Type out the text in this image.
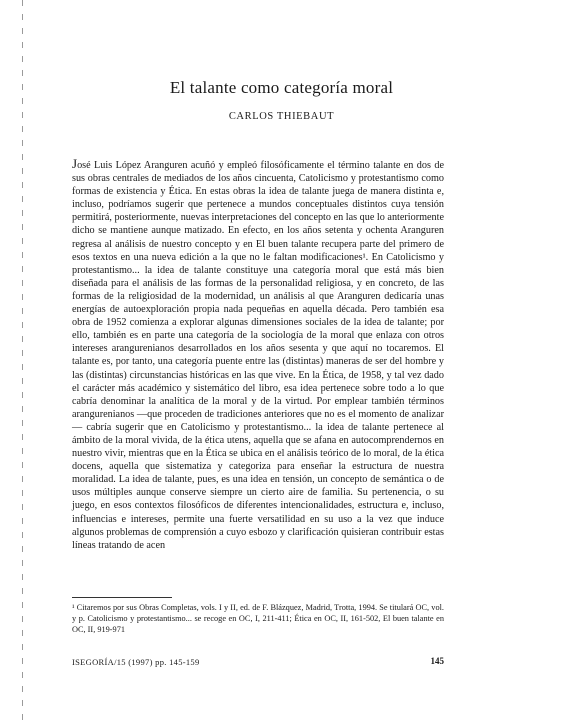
El talante como categoría moral
CARLOS THIEBAUT
José Luis López Aranguren acuñó y empleó filosóficamente el término talante en dos de sus obras centrales de mediados de los años cincuenta, Catolicismo y protestantismo como formas de existencia y Ética. En estas obras la idea de talante juega de manera distinta e, incluso, podríamos sugerir que pertenece a mundos conceptuales distintos cuya tensión permitirá, posteriormente, nuevas interpretaciones del concepto en las que lo anteriormente dicho se mantiene aunque matizado. En efecto, en los años setenta y ochenta Aranguren regresa al análisis de nuestro concepto y en El buen talante recupera parte del primero de esos textos en una nueva edición a la que no le faltan modificaciones¹. En Catolicismo y protestantismo... la idea de talante constituye una categoría moral que está más bien diseñada para el análisis de las formas de la personalidad religiosa, y en concreto, de las formas de la religiosidad de la modernidad, un análisis al que Aranguren dedicaría unas energías de autoexploración propia nada pequeñas en aquella década. Pero también esa obra de 1952 comienza a explorar algunas dimensiones sociales de la idea de talante; por ello, también es en parte una categoría de la sociología de la moral que enlaza con otros intereses arangurenianos desarrollados en los años sesenta y que aquí no tocaremos. El talante es, por tanto, una categoría puente entre las (distintas) maneras de ser del hombre y las (distintas) circunstancias históricas en las que vive. En la Ética, de 1958, y tal vez dado el carácter más académico y sistemático del libro, esa idea pertenece sobre todo a lo que cabría denominar la analítica de la moral y de la virtud. Por emplear también términos arangurenianos —que proceden de tradiciones anteriores que no es el momento de analizar— cabría sugerir que en Catolicismo y protestantismo... la idea de talante pertenece al ámbito de la moral vivida, de la ética utens, aquella que se afana en autocomprendernos en nuestro vivir, mientras que en la Ética se ubica en el análisis teórico de lo moral, de la ética docens, aquella que sistematiza y categoriza para enseñar la estructura de nuestra moralidad. La idea de talante, pues, es una idea en tensión, un concepto de semántica o de usos múltiples aunque conserve siempre un cierto aire de familia. Su pertenencia, o su juego, en esos contextos filosóficos de diferentes intencionalidades, estructura e, incluso, influencias e intereses, permite una fuerte versatilidad en su uso a la vez que induce algunos problemas de comprensión a cuyo esbozo y clarificación quisieran contribuir estas líneas tratando de acen
¹ Citaremos por sus Obras Completas, vols. I y II, ed. de F. Blázquez, Madrid, Trotta, 1994. Se titulará OC, vol. y p. Catolicismo y protestantismo... se recoge en OC, I, 211-411; Ética en OC, II, 161-502, El buen talante en OC, II, 919-971
ISEGORÍA/15 (1997) pp. 145-159	145
